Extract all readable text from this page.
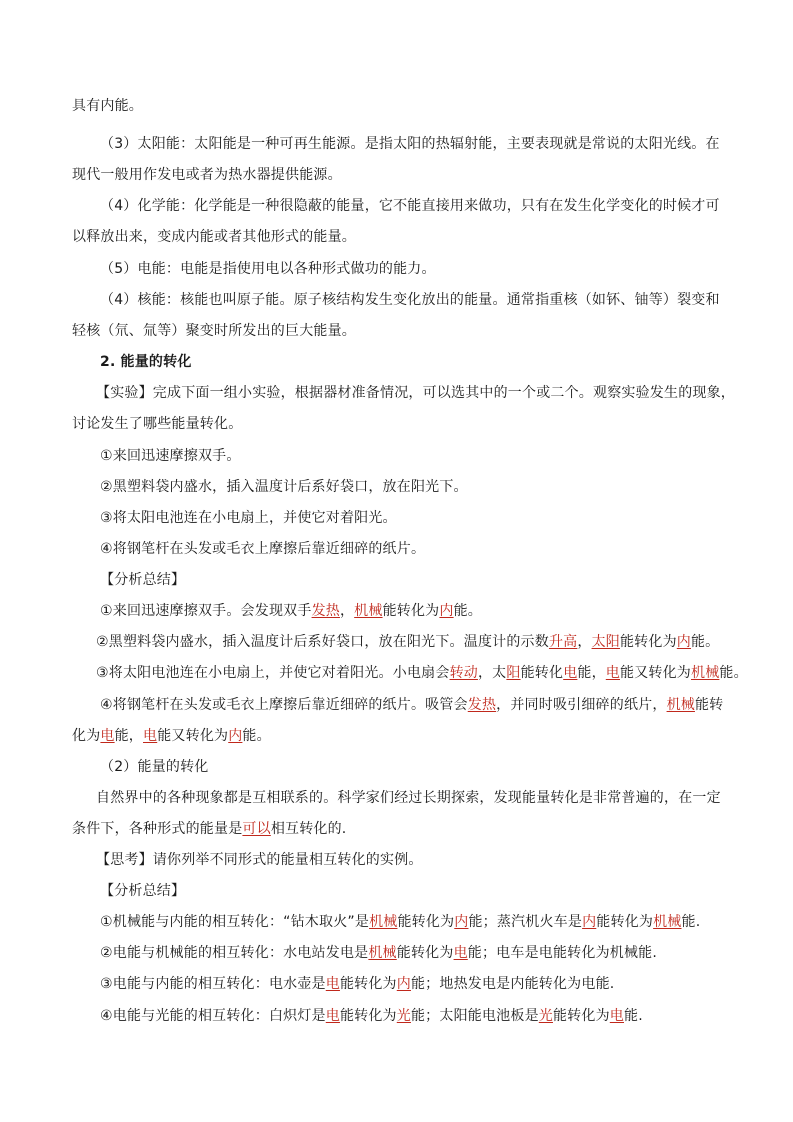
具有内能。
（3）太阳能：太阳能是一种可再生能源。是指太阳的热辐射能，主要表现就是常说的太阳光线。在
现代一般用作发电或者为热水器提供能源。
（4）化学能：化学能是一种很隐蔽的能量，它不能直接用来做功，只有在发生化学变化的时候才可
以释放出来，变成内能或者其他形式的能量。
（5）电能：电能是指使用电以各种形式做功的能力。
（4）核能：核能也叫原子能。原子核结构发生变化放出的能量。通常指重核（如钚、铀等）裂变和
轻核（氘、氚等）聚变时所发出的巨大能量。
2. 能量的转化
【实验】完成下面一组小实验，根据器材准备情况，可以选其中的一个或二个。观察实验发生的现象，
讨论发生了哪些能量转化。
①来回迅速摩擦双手。
②黑塑料袋内盛水，插入温度计后系好袋口，放在阳光下。
③将太阳电池连在小电扇上，并使它对着阳光。
④将钢笔杆在头发或毛衣上摩擦后靠近细碎的纸片。
【分析总结】
①来回迅速摩擦双手。会发现双手发热，机械能转化为内能。
②黑塑料袋内盛水，插入温度计后系好袋口，放在阳光下。温度计的示数升高，太阳能转化为内能。
③将太阳电池连在小电扇上，并使它对着阳光。小电扇会转动，太阳能转化电能，电能又转化为机械能。
④将钢笔杆在头发或毛衣上摩擦后靠近细碎的纸片。吸管会发热，并同时吸引细碎的纸片，机械能转
化为电能，电能又转化为内能。
（2）能量的转化
自然界中的各种现象都是互相联系的。科学家们经过长期探索，发现能量转化是非常普遍的，在一定
条件下，各种形式的能量是可以相互转化的.
【思考】请你列举不同形式的能量相互转化的实例。
【分析总结】
①机械能与内能的相互转化：“钻木取火”是机械能转化为内能；蒸汽机火车是内能转化为机械能.
②电能与机械能的相互转化：水电站发电是机械能转化为电能；电车是电能转化为机械能.
③电能与内能的相互转化：电水壶是电能转化为内能；地热发电是内能转化为电能.
④电能与光能的相互转化：白炽灯是电能转化为光能；太阳能电池板是光能转化为电能.
